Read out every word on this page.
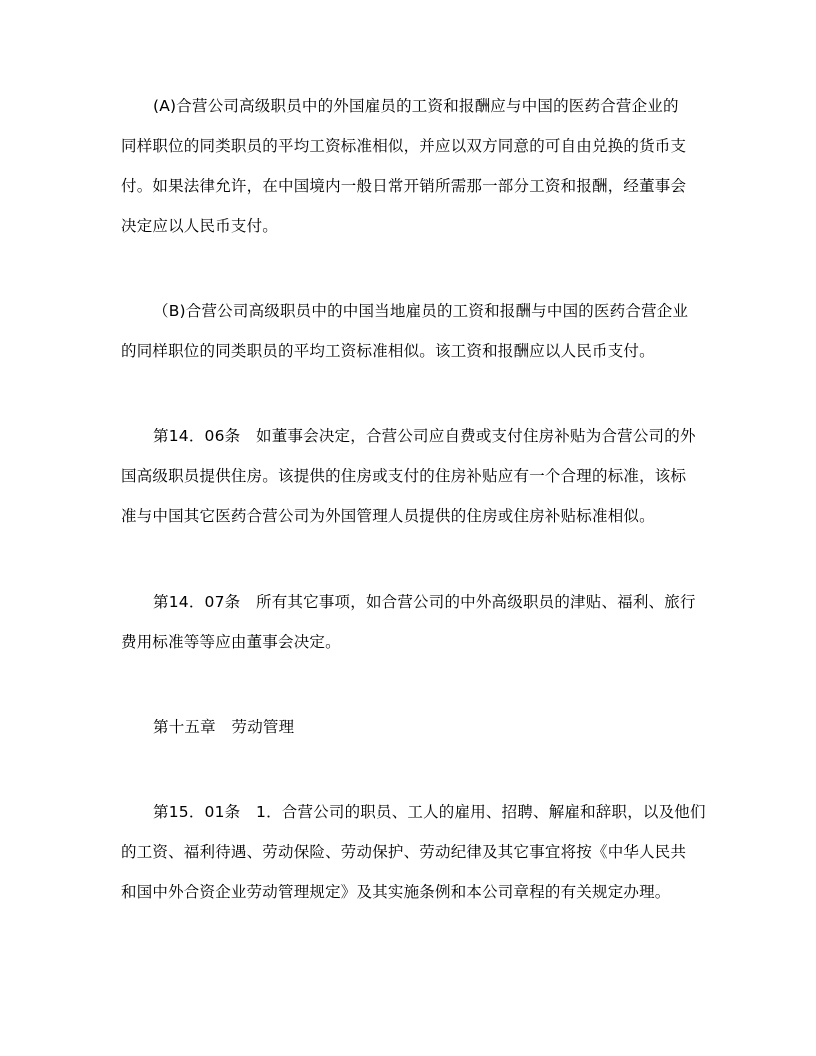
(A)合营公司高级职员中的外国雇员的工资和报酬应与中国的医药合营企业的
同样职位的同类职员的平均工资标准相似，并应以双方同意的可自由兑换的货币支
付。如果法律允许，在中国境内一般日常开销所需那一部分工资和报酬，经董事会
决定应以人民币支付。
（B)合营公司高级职员中的中国当地雇员的工资和报酬与中国的医药合营企业
的同样职位的同类职员的平均工资标准相似。该工资和报酬应以人民币支付。
第14．06条　如董事会决定，合营公司应自费或支付住房补贴为合营公司的外
国高级职员提供住房。该提供的住房或支付的住房补贴应有一个合理的标准，该标
准与中国其它医药合营公司为外国管理人员提供的住房或住房补贴标准相似。
第14．07条　所有其它事项，如合营公司的中外高级职员的津贴、福利、旅行
费用标准等等应由董事会决定。
第十五章　劳动管理
第15．01条　1．合营公司的职员、工人的雇用、招聘、解雇和辞职，以及他们
的工资、福利待遇、劳动保险、劳动保护、劳动纪律及其它事宜将按《中华人民共
和国中外合资企业劳动管理规定》及其实施条例和本公司章程的有关规定办理。
